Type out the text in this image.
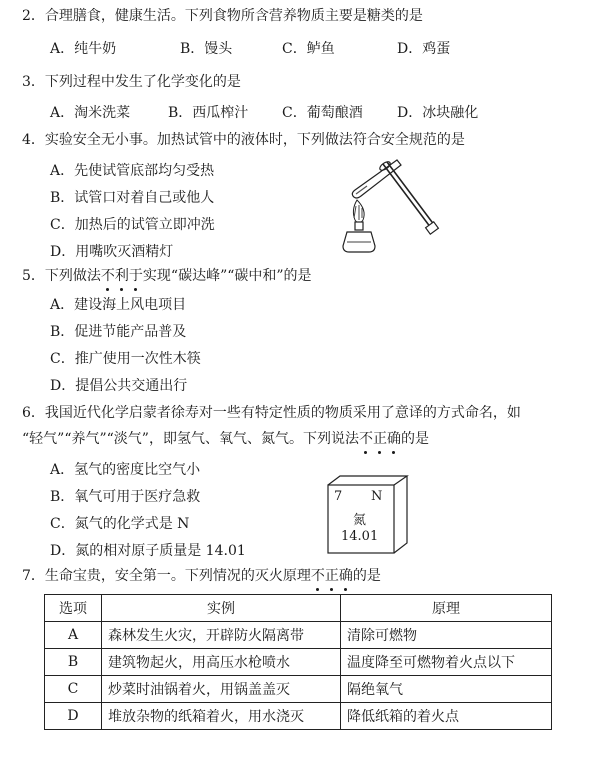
2．合理膳食，健康生活。下列食物所含营养物质主要是糖类的是
A．纯牛奶	B．馒头	C．鲈鱼	D．鸡蛋
3．下列过程中发生了化学变化的是
A．淘米洗菜	B．西瓜榨汁 C．葡萄酿酒 D．冰块融化
4．实验安全无小事。加热试管中的液体时，下列做法符合安全规范的是
A．先使试管底部均匀受热
B．试管口对着自己或他人
C．加热后的试管立即冲洗
D．用嘴吹灭酒精灯
5．下列做法不利于实现“碳达峰”“碳中和”的是
A．建设海上风电项目
B．促进节能产品普及
C．推广使用一次性木筷
D．提倡公共交通出行
6．我国近代化学启蒙者徐寿对一些有特定性质的物质采用了意译的方式命名，如
“轻气”“养气”“淡气”，即氢气、氧气、氮气。下列说法不正确的是
A．氢气的密度比空气小
B．氧气可用于医疗急救
C．氮气的化学式是 N
D．氮的相对原子质量是 14.01
7 N
氮
14.01
7．生命宝贵，安全第一。下列情况的灭火原理不正确的是
选项	实例	原理
A	森林发生火灾，开辟防火隔离带	清除可燃物
B	建筑物起火，用高压水枪喷水	温度降至可燃物着火点以下
C	炒菜时油锅着火，用锅盖盖灭	隔绝氧气
D	堆放杂物的纸箱着火，用水浇灭	降低纸箱的着火点
